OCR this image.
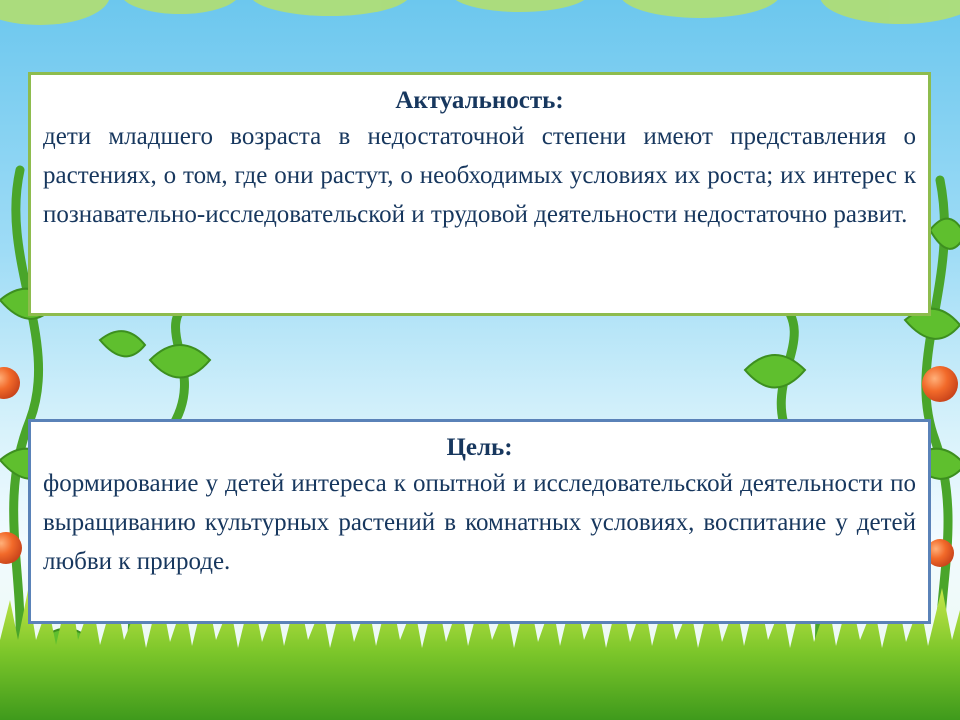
Актуальность:
дети младшего возраста в недостаточной степени имеют представления о растениях, о том, где они растут, о необходимых условиях их роста; их интерес к познавательно-исследовательской и трудовой деятельности недостаточно развит.
Цель:
формирование у детей интереса к опытной и исследовательской деятельности по выращиванию культурных растений в комнатных условиях, воспитание у детей любви к природе.
